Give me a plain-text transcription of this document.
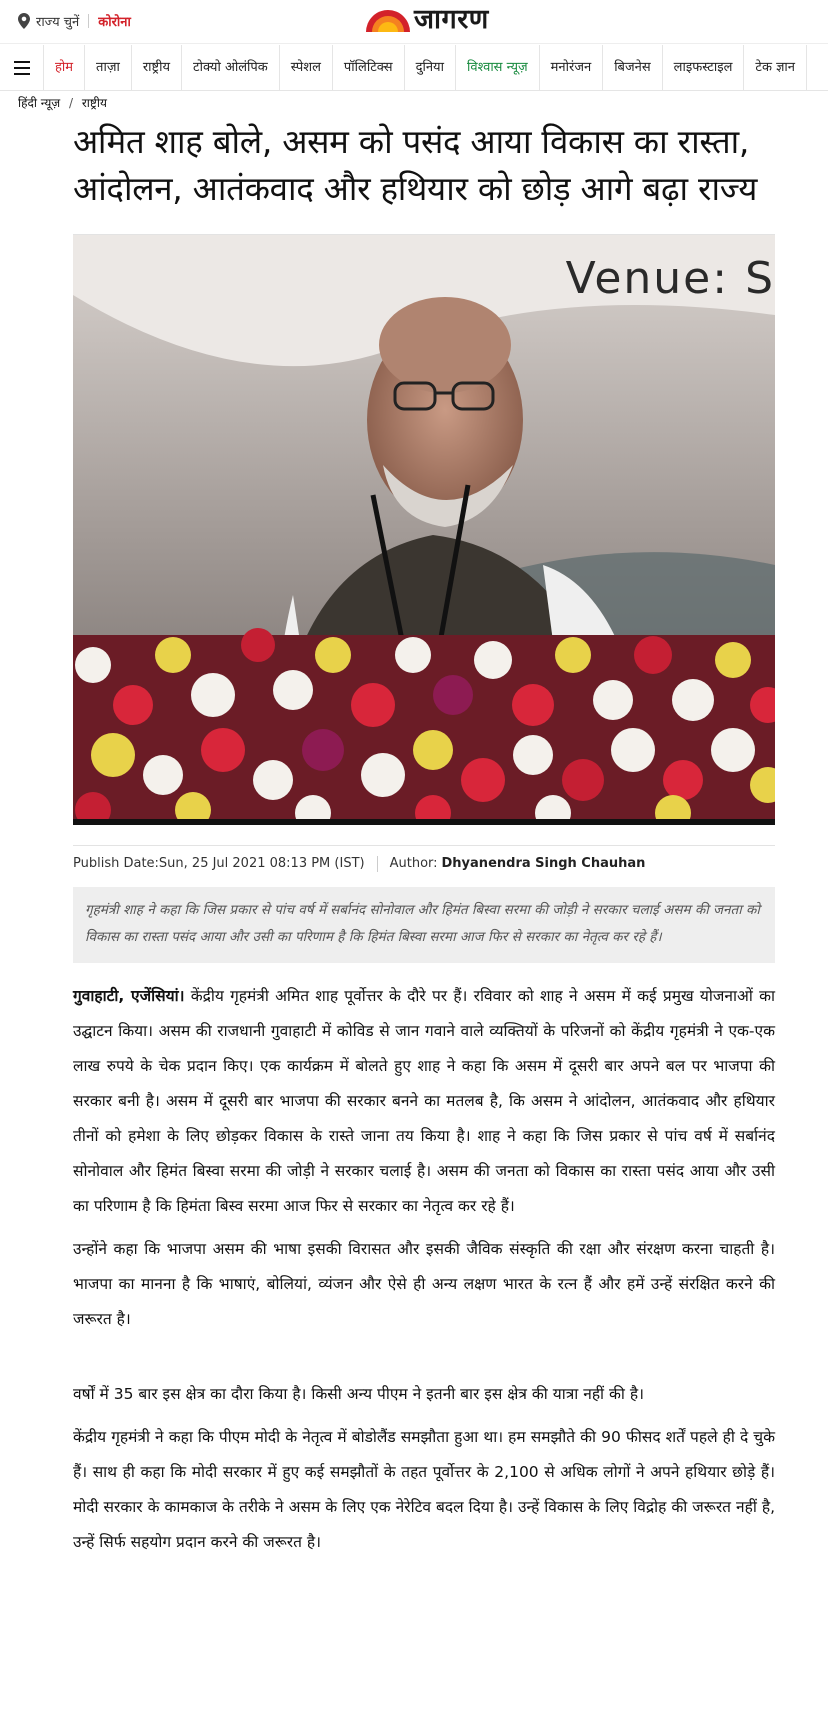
राज्य चुनें कोरोना	जागरण
होम	ताज़ा	राष्ट्रीय	टोक्यो ओलंपिक	स्पेशल	पॉलिटिक्स	दुनिया	विश्वास न्यूज़	मनोरंजन	बिजनेस	लाइफस्टाइल	टेक ज्ञान
हिंदी न्यूज़ / राष्ट्रीय
अमित शाह बोले, असम को पसंद आया विकास का रास्ता, आंदोलन, आतंकवाद और हथियार को छोड़ आगे बढ़ा राज्य
Venue: S
Publish Date:Sun, 25 Jul 2021 08:13 PM (IST) Author: Dhyanendra Singh Chauhan
गृहमंत्री शाह ने कहा कि जिस प्रकार से पांच वर्ष में सर्बानंद सोनोवाल और हिमंत बिस्वा सरमा की जोड़ी ने सरकार चलाई असम की जनता को विकास का रास्ता पसंद आया और उसी का परिणाम है कि हिमंत बिस्वा सरमा आज फिर से सरकार का नेतृत्व कर रहे हैं।

गुवाहाटी, एजेंसियां। केंद्रीय गृहमंत्री अमित शाह पूर्वोत्तर के दौरे पर हैं। रविवार को शाह ने असम में कई प्रमुख योजनाओं का उद्घाटन किया। असम की राजधानी गुवाहाटी में कोविड से जान गवाने वाले व्यक्तियों के परिजनों को केंद्रीय गृहमंत्री ने एक-एक लाख रुपये के चेक प्रदान किए। एक कार्यक्रम में बोलते हुए शाह ने कहा कि असम में दूसरी बार अपने बल पर भाजपा की सरकार बनी है। असम में दूसरी बार भाजपा की सरकार बनने का मतलब है, कि असम ने आंदोलन, आतंकवाद और हथियार तीनों को हमेशा के लिए छोड़कर विकास के रास्ते जाना तय किया है। शाह ने कहा कि जिस प्रकार से पांच वर्ष में सर्बानंद सोनोवाल और हिमंत बिस्वा सरमा की जोड़ी ने सरकार चलाई है। असम की जनता को विकास का रास्ता पसंद आया और उसी का परिणाम है कि हिमंता बिस्व सरमा आज फिर से सरकार का नेतृत्व कर रहे हैं।

उन्होंने कहा कि भाजपा असम की भाषा इसकी विरासत और इसकी जैविक संस्कृति की रक्षा और संरक्षण करना चाहती है। भाजपा का मानना है कि भाषाएं, बोलियां, व्यंजन और ऐसे ही अन्य लक्षण भारत के रत्न हैं और हमें उन्हें संरक्षित करने की जरूरत है।

वर्षों में 35 बार इस क्षेत्र का दौरा किया है। किसी अन्य पीएम ने इतनी बार इस क्षेत्र की यात्रा नहीं की है।

केंद्रीय गृहमंत्री ने कहा कि पीएम मोदी के नेतृत्व में बोडोलैंड समझौता हुआ था। हम समझौते की 90 फीसद शर्तें पहले ही दे चुके हैं। साथ ही कहा कि मोदी सरकार में हुए कई समझौतों के तहत पूर्वोत्तर के 2,100 से अधिक लोगों ने अपने हथियार छोड़े हैं। मोदी सरकार के कामकाज के तरीके ने असम के लिए एक नेरेटिव बदल दिया है। उन्हें विकास के लिए विद्रोह की जरूरत नहीं है, उन्हें सिर्फ सहयोग प्रदान करने की जरूरत है।
